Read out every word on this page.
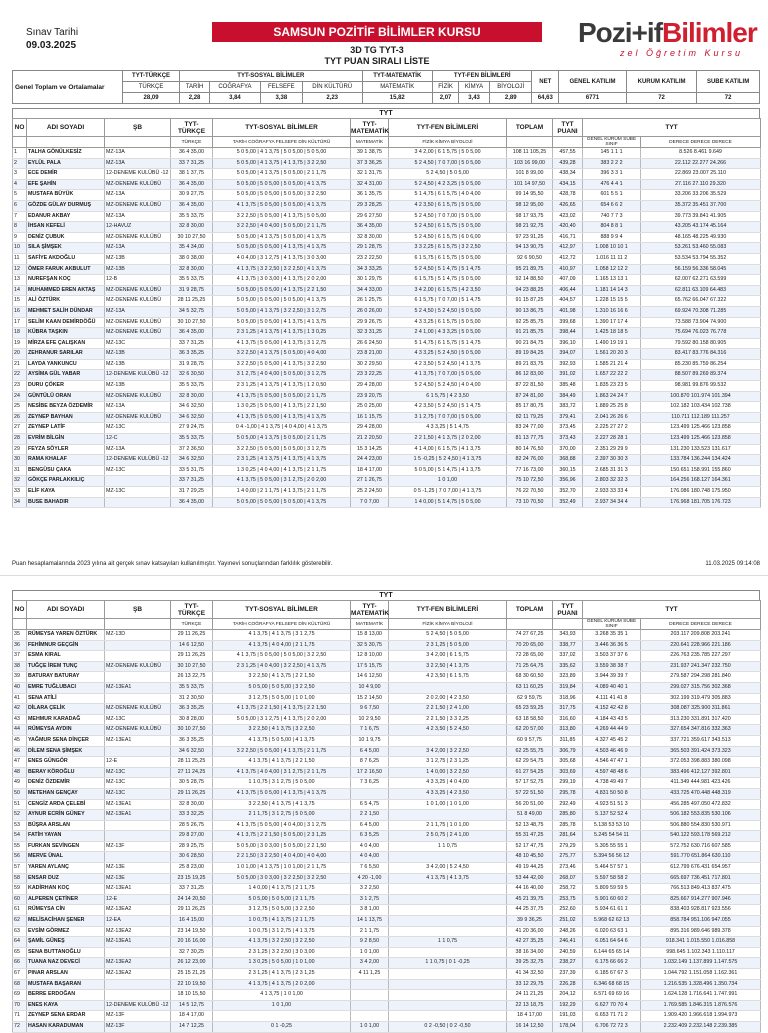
Sınav Tarihi
09.03.2025
SAMSUN POZİTİF BİLİMLER KURSU
3D TG TYT-3
TYT PUAN SIRALI LİSTE
Pozi+ifBilimler
zel Öğretim Kursu
Genel Toplam ve Ortalamalar	TYT-TÜRKÇE	TYT-SOSYAL BİLİMLER				TYT-MATEMATİK	TYT-FEN BİLİMLERİ			NET	GENEL KATILIM	KURUM KATILIM	SUBE KATILIM
	TÜRKÇE	TARİH	COĞRAFYA	FELSEFE	DİN KÜLTÜRÜ	MATEMATİK	FİZİK	KİMYA	BİYOLOJİ				
	28,09	2,28	3,84	3,38	2,23	15,82	2,07	3,43	2,89	64,63	6771	72	72
TYT
NO	ADI SOYADI	ŞB	TYT-TÜRKÇE	TYT-SOSYAL BİLİMLER	TYT-MATEMATİK	TYT-FEN BİLİMLERİ	TOPLAM	TYT PUANI	TYT	
			TÜRKÇE	TARİH COĞRAFYA FELSEFE DİN KÜLTÜRÜ	MATEMATİK	FİZİK KİMYA BİYOLOJİ			GENEL KURUM SUBE SINIF	DERECE DERECE DERECE
1	TALHA GÖNÜLKESİZ	MZ-13A	36 4 35,00	5 0 5,00 | 4 1 3,75 | 5 0 5,00 | 5 0 5,00	39 1 38,75	3 4 2,00 | 6 1 5,75 | 5 0 5,00	108 11 105,25	457,55	145 1 1 1	8.526 8.461 9.649
2	EYLÜL PALA	MZ-13A	33 7 31,25	5 0 5,00 | 4 1 3,75 | 4 1 3,75 | 3 2 2,50	37 3 36,25	5 2 4,50 | 7 0 7,00 | 5 0 5,00	103 16 99,00	439,28	383 2 2 2	22.112 22.277 24.266
3	ECE DEMİR	12-DENEME KULÜBÜ -12	38 1 37,75	5 0 5,00 | 4 1 3,75 | 5 0 5,00 | 2 1 1,75	32 1 31,75	5 2 4,50 | 5 0 5,00	101 8 99,00	438,34	396 3 3 1	22.869 23.007 25.110
4	EFE ŞAHİN	MZ-DENEME KULÜBÜ	36 4 35,00	5 0 5,00 | 5 0 5,00 | 5 0 5,00 | 4 1 3,75	32 4 31,00	5 2 4,50 | 4 2 3,25 | 5 0 5,00	101 14 97,50	434,15	476 4 4 1	27.116 27.110 29.320
5	MUSTAFA BÜYÜK	MZ-13A	30 9 27,75	5 0 5,00 | 5 0 5,00 | 5 0 5,00 | 3 2 2,50	36 1 35,75	5 1 4,75 | 6 1 5,75 | 4 0 4,00	99 14 95,50	428,78	601 5 5 1	33.206 33.206 35.529
6	GÖZDE GÜLAY DURMUŞ	MZ-DENEME KULÜBÜ	36 4 35,00	4 1 3,75 | 5 0 5,00 | 5 0 5,00 | 4 1 3,75	29 3 28,25	4 2 3,50 | 6 1 5,75 | 5 0 5,00	98 12 95,00	426,65	654 6 6 2	35.372 35.451 37.700
7	EDANUR AKBAY	MZ-13A	35 5 33,75	3 2 2,50 | 5 0 5,00 | 4 1 3,75 | 5 0 5,00	29 6 27,50	5 2 4,50 | 7 0 7,00 | 5 0 5,00	98 17 93,75	423,02	740 7 7 3	39.773 39.841 41.905
8	İHSAN KEFELİ	12-HAVUZ	32 8 30,00	3 2 2,50 | 4 0 4,00 | 5 0 5,00 | 2 1 1,75	36 4 35,00	5 2 4,50 | 6 1 5,75 | 5 0 5,00	98 21 92,75	420,40	804 8 8 1	43.205 43.174 45.164
9	DENİZ ÇUBUK	MZ-DENEME KULÜBÜ	30 10 27,50	5 0 5,00 | 4 1 3,75 | 5 0 5,00 | 4 1 3,75	32 8 30,00	5 2 4,50 | 6 1 5,75 | 6 0 6,00	97 23 91,25	416,71	888 9 9 4	48.165 48.225 49.930
10	SILA ŞİMŞEK	MZ-13A	35 4 34,00	5 0 5,00 | 5 0 5,00 | 4 1 3,75 | 4 1 3,75	29 1 28,75	3 3 2,25 | 6 1 5,75 | 3 2 2,50	94 13 90,75	412,97	1.008 10 10 1	53.261 53.460 55.083
11	SAFİYE AKDOĞLU	MZ-13B	38 0 38,00	4 0 4,00 | 3 1 2,75 | 4 1 3,75 | 3 0 3,00	23 2 22,50	6 1 5,75 | 6 1 5,75 | 5 0 5,00	92 6 90,50	412,72	1.016 11 11 2	53.534 53.794 55.352
12	ÖMER FARUK AKBULUT	MZ-13B	32 8 30,00	4 1 3,75 | 3 2 2,50 | 3 2 2,50 | 4 1 3,75	34 3 33,25	5 2 4,50 | 5 1 4,75 | 5 1 4,75	95 21 89,75	410,97	1.058 12 12 2	56.159 56.336 58.045
13	NUREFŞAN KOÇ	12-B	35 5 33,75	4 1 3,75 | 3 0 3,00 | 4 1 3,75 | 2 0 2,00	30 1 29,75	6 1 5,75 | 5 1 4,75 | 5 0 5,00	92 14 88,50	407,09	1.165 13 13 1	62.007 62.271 63.599
14	MUHAMMED EREN AKTAŞ	MZ-DENEME KULÜBÜ	31 9 28,75	5 0 5,00 | 5 0 5,00 | 4 1 3,75 | 2 2 1,50	34 4 33,00	3 4 2,00 | 6 1 5,75 | 4 2 3,50	94 23 88,25	406,44	1.181 14 14 3	62.811 63.109 64.483
15	ALİ ÖZTÜRK	MZ-DENEME KULÜBÜ	28 11 25,25	5 0 5,00 | 5 0 5,00 | 5 0 5,00 | 4 1 3,75	26 1 25,75	6 1 5,75 | 7 0 7,00 | 5 1 4,75	91 15 87,25	404,57	1.228 15 15 5	65.762 66.047 67.322
16	MEHMET SALİH DÜNDAR	MZ-13A	34 5 32,75	5 0 5,00 | 4 1 3,75 | 3 2 2,50 | 3 1 2,75	26 0 26,00	5 2 4,50 | 5 2 4,50 | 5 0 5,00	90 13 86,75	401,98	1.310 16 16 6	69.924 70.308 71.285
17	SELİM KAAN DEMİRDÖĞÜ	MZ-DENEME KULÜBÜ	30 10 27,50	5 0 5,00 | 5 0 5,00 | 4 1 3,75 | 4 1 3,75	29 9 26,75	4 3 3,25 | 6 1 5,75 | 5 0 5,00	92 25 85,75	399,68	1.390 17 17 4	73.588 73.904 74.900
18	KÜBRA TAŞKIN	MZ-DENEME KULÜBÜ	36 4 35,00	2 3 1,25 | 4 1 3,75 | 4 1 3,75 | 1 3 0,25	32 3 31,25	2 4 1,00 | 4 3 3,25 | 5 0 5,00	91 21 85,75	398,44	1.425 18 18 5	75.694 76.023 76.778
19	MİRZA EFE ÇALIŞKAN	MZ-13C	33 7 31,25	4 1 3,75 | 5 0 5,00 | 4 1 3,75 | 3 1 2,75	26 6 24,50	5 1 4,75 | 6 1 5,75 | 5 1 4,75	90 21 84,75	396,10	1.490 19 19 1	79.592 80.158 80.905
20	ZEHRANUR SARILAR	MZ-13B	36 3 35,25	3 2 2,50 | 4 1 3,75 | 5 0 5,00 | 4 0 4,00	23 8 21,00	4 3 3,25 | 5 2 4,50 | 5 0 5,00	89 19 84,25	394,07	1.561 20 20 3	83.417 83.776 84.316
21	LAYDA YANKUNCU	MZ-13B	31 9 28,75	3 2 2,50 | 5 0 5,00 | 4 1 3,75 | 3 2 2,50	30 2 29,50	4 2 3,50 | 5 2 4,50 | 4 1 3,75	89 21 83,75	392,93	1.585 21 21 4	85.230 85.759 86.254
22	AYSİMA GÜL YABAR	12-DENEME KULÜBÜ -12	32 6 30,50	3 1 2,75 | 4 0 4,00 | 5 0 5,00 | 3 1 2,75	23 3 22,25	4 1 3,75 | 7 0 7,00 | 5 0 5,00	86 12 83,00	391,02	1.657 22 22 2	88.507 89.269 89.374
23	DURU ÇÖKER	MZ-13B	35 5 33,75	2 3 1,25 | 4 1 3,75 | 4 1 3,75 | 1 2 0,50	29 4 28,00	5 2 4,50 | 5 2 4,50 | 4 0 4,00	87 22 81,50	385,48	1.835 23 23 5	98.981 99.876 99.532
24	GÜNTÜLÜ ORAN	MZ-DENEME KULÜBÜ	32 8 30,00	4 1 3,75 | 5 0 5,00 | 5 0 5,00 | 2 1 1,75	23 9 20,75	6 1 5,75 | 4 2 3,50	87 24 81,00	384,49	1.863 24 24 7	100.870 101.974 101.394
25	NESİBE BEYZA ÖZDEMİR	MZ-13A	34 6 32,50	1 3 0,25 | 5 0 5,00 | 4 1 3,75 | 2 2 1,50	25 0 25,00	4 2 3,50 | 5 2 4,50 | 5 1 4,75	85 17 80,75	383,72	1.889 25 25 8	102.182 103.434 102.738
26	ZEYNEP BAYHAN	MZ-DENEME KULÜBÜ	34 6 32,50	4 1 3,75 | 5 0 5,00 | 4 1 3,75 | 4 1 3,75	16 1 15,75	3 1 2,75 | 7 0 7,00 | 5 0 5,00	82 11 79,25	379,41	2.041 26 26 6	110.711 112.189 111.257
27	ZEYNEP LATİF	MZ-13C	27 9 24,75	0 4 -1,00 | 4 1 3,75 | 4 0 4,00 | 4 1 3,75	29 4 28,00	4 3 3,25 | 5 1 4,75	83 24 77,00	373,45	2.225 27 27 2	123.499 125.466 123.858
28	EVRİM BİLGİN	12-C	35 5 33,75	5 0 5,00 | 4 1 3,75 | 5 0 5,00 | 2 1 1,75	21 2 20,50	2 2 1,50 | 4 1 3,75 | 2 0 2,00	81 13 77,75	373,43	2.227 28 28 1	123.499 125.466 123.858
29	FEYZA SÖYLER	MZ-13A	37 2 36,50	3 2 2,50 | 5 0 5,00 | 5 0 5,00 | 3 1 2,75	15 3 14,25	4 1 4,00 | 6 1 5,75 | 4 1 3,75	80 14 76,50	370,00	2.351 29 29 9	131.230 133.523 131.617
30	RAMA KHALAF	12-DENEME KULÜBÜ -12	34 6 32,50	2 3 1,25 | 4 1 3,75 | 4 1 3,75 | 4 1 3,75	24 4 23,00	1 5 -0,25 | 5 2 4,50 | 4 1 3,75	82 24 76,00	368,88	2.397 30 30 3	133.784 136.244 134.424
31	BENGÜSU ÇAKA	MZ-13C	33 5 31,75	1 3 0,25 | 4 0 4,00 | 4 1 3,75 | 2 1 1,75	18 4 17,00	5 0 5,00 | 5 1 4,75 | 4 1 3,75	77 16 73,00	360,15	2.685 31 31 3	150.651 158.991 155.860
32	GÖKÇE PARLAKKILIÇ		33 7 31,25	4 1 3,75 | 5 0 5,00 | 3 1 2,75 | 2 0 2,00	27 1 26,75	1 0 1,00	75 10 72,50	356,96	2.803 32 32 3	164.256 168.127 164.361
33	ELİF KAYA	MZ-13C	31 7 29,25	1 4 0,00 | 2 1 1,75 | 4 1 3,75 | 2 1 1,75	25 2 24,50	0 5 -1,25 | 7 0 7,00 | 4 1 3,75	76 22 70,50	352,70	2.933 33 33 4	176.086 180.748 175.950
34	BUSE BAHADIR		36 4 35,00	5 0 5,00 | 5 0 5,00 | 5 0 5,00 | 4 1 3,75	7 0 7,00	1 4 0,00 | 5 1 4,75 | 5 0 5,00	73 10 70,50	352,49	2.937 34 34 4	176.968 181.705 176.723
Puan hesaplamalarında 2023 yılına ait gerçek sınav katsayıları kullanılmıştır. Yayınevi sonuçlarından farklılık gösterebilir.	11.03.2025 09:14:08
TYT
NO	ADI SOYADI	ŞB	TYT-TÜRKÇE	TYT-SOSYAL BİLİMLER	TYT-MATEMATİK	TYT-FEN BİLİMLERİ	TOPLAM	TYT PUANI	TYT	
			TÜRKÇE	TARİH COĞRAFYA FELSEFE DİN KÜLTÜRÜ	MATEMATİK	FİZİK KİMYA BİYOLOJİ			GENEL KURUM SUBE SINIF	DERECE DERECE DERECE
35	RÜMEYSA YAREN ÖZTÜRK	MZ-13D	29 11 26,25	4 1 3,75 | 4 1 3,75 | 3 1 2,75	15 8 13,00	5 2 4,50 | 5 0 5,00	74 27 67,25	343,93	3.268 35 35 1	203.117 209.808 203.241
36	FEHİMNUR GEÇGİN		14 6 12,50	4 1 3,75 | 4 0 4,00 | 2 1 1,75	32 5 30,75	2 3 1,25 | 5 0 5,00	70 20 65,00	338,77	3.446 36 36 5	220.641 228.966 221.186
37	ESMA KIRAL		29 11 26,25	4 1 3,75 | 5 0 5,00 | 5 0 5,00 | 3 2 2,50	12 8 10,00	3 4 2,00 | 6 1 5,75	72 28 65,00	337,02	3.503 37 37 6	226.763 235.785 227.297
38	TUĞÇE İREM TUNÇ	MZ-DENEME KULÜBÜ	30 10 27,50	2 3 1,25 | 4 0 4,00 | 3 2 2,50 | 4 1 3,75	17 5 15,75	3 2 2,50 | 4 1 3,75	71 25 64,75	335,62	3.559 38 38 7	231.937 241.347 232.750
39	BATURAY BATURAY		26 13 22,75	3 2 2,50 | 4 1 3,75 | 2 2 1,50	14 6 12,50	4 2 3,50 | 6 1 5,75	68 30 60,50	323,89	3.944 39 39 7	279.587 294.298 281.840
40	EMRE TUĞLUBACI	MZ-13EA1	35 5 33,75	5 0 5,00 | 5 0 5,00 | 3 2 2,50	10 4 9,00		63 11 60,25	319,84	4.089 40 40 1	299.027 315.756 302.368
41	SENA ATİLİ		31 2 30,50	3 1 2,75 | 5 0 5,00 | 1 0 1,00	15 2 14,50	2 0 2,00 | 4 2 3,50	62 9 59,75	318,96	4.111 41 41 8	302.199 319.479 305.883
42	DİLARA ÇELİK	MZ-DENEME KULÜBÜ	36 3 35,25	4 1 3,75 | 2 2 1,50 | 4 1 3,75 | 2 2 1,50	9 6 7,50	2 2 1,50 | 2 4 1,00	65 23 59,25	317,75	4.152 42 42 8	308.087 325.900 311.861
43	MEHMUR KARADAĞ	MZ-13C	30 8 28,00	5 0 5,00 | 3 1 2,75 | 4 1 3,75 | 2 0 2,00	10 2 9,50	2 2 1,50 | 3 3 2,25	63 18 58,50	316,60	4.184 43 43 5	313.230 331.891 317.420
44	RÜMEYSA AYDIN	MZ-DENEME KULÜBÜ	30 10 27,50	3 2 2,50 | 4 1 3,75 | 3 2 2,50	7 1 6,75	4 2 3,50 | 5 2 4,50	62 20 57,00	313,80	4.269 44 44 9	327.654 347.816 332.363
45	YAĞMUR SENA DİNÇER	MZ-13EA1	36 3 35,25	4 1 3,75 | 5 0 5,00 | 4 1 3,75	10 1 9,75		60 9 57,75	311,85	4.327 45 45 2	337.721 359.617 343.513
46	DİLEM SENA ŞİMŞEK		34 6 32,50	3 2 2,50 | 5 0 5,00 | 4 1 3,75 | 2 1 1,75	6 4 5,00	3 4 2,00 | 3 2 2,50	62 25 55,75	306,79	4.503 46 46 9	365.503 391.424 373.323
47	ENES GÜNGÖR	12-E	28 11 25,25	4 1 3,75 | 4 1 3,75 | 2 2 1,50	8 7 6,25	3 1 2,75 | 2 3 1,25	62 29 54,75	305,68	4.546 47 47 1	372.053 398.883 380.098
48	BERAY KÖROĞLU	MZ-13C	27 11 24,25	4 1 3,75 | 4 0 4,00 | 3 1 2,75 | 2 1 1,75	17 2 16,50	1 4 0,00 | 3 2 2,50	61 27 54,25	303,69	4.597 48 48 6	383.496 412.127 392.801
49	DENİZ ÖZDEMİR	MZ-13C	30 5 28,75	1 1 0,75 | 3 1 2,75 | 5 0 5,00	7 3 6,25	4 3 3,25 | 4 0 4,00	57 17 52,75	299,19	4.738 49 49 7	411.349 444.981 423.426
50	METEHAN GENÇAY	MZ-13C	29 11 26,25	4 1 3,75 | 5 0 5,00 | 4 1 3,75 | 4 1 3,75		4 3 3,25 | 4 2 3,50	57 22 51,50	295,78	4.831 50 50 8	433.725 470.448 448.319
51	CENGİZ ARDA ÇELEBİ	MZ-13EA1	32 8 30,00	3 2 2,50 | 4 1 3,75 | 4 1 3,75	6 5 4,75	1 0 1,00 | 1 0 1,00	56 20 51,00	292,49	4.923 51 51 3	456.285 497.050 472.832
52	AYNUR ECRİN GÜNEY	MZ-13EA1	33 3 32,25	2 1 1,75 | 3 1 2,75 | 5 0 5,00	2 2 1,50		51 8 49,00	285,80	5.137 52 52 4	506.182 553.835 530.106
53	BÜŞRA ARSLAN		28 5 26,75	4 1 3,75 | 5 0 5,00 | 4 0 4,00 | 3 1 2,75	6 4 5,00	2 1 1,75 | 1 0 1,00	52 13 48,75	285,78	5.138 53 53 10	506.880 554.830 530.971
54	FATİH YAYAN		29 8 27,00	4 1 3,75 | 2 2 1,50 | 5 0 5,00 | 2 3 1,25	6 3 5,25	2 5 0,75 | 2 4 1,00	55 31 47,25	281,64	5.245 54 54 11	540.122 593.178 569.212
55	FURKAN SEVİNGEN	MZ-13F	28 9 25,75	5 0 5,00 | 3 0 3,00 | 5 0 5,00 | 2 2 1,50	4 0 4,00	1 1 0,75	52 17 47,75	279,29	5.305 55 55 1	572.752 630.716 607.585
56	MERVE ÜNAL		30 6 28,50	2 2 1,50 | 3 2 2,50 | 4 0 4,00 | 4 0 4,00	4 0 4,00		48 10 45,50	275,77	5.394 56 56 12	591.770 651.864 630.110
57	YAREN AYLANÇ	MZ-13E	25 8 23,00	1 0 1,00 | 4 1 3,75 | 1 0 1,00 | 2 1 1,75	7 6 5,50	3 4 2,00 | 5 2 4,50	49 19 44,25	273,46	5.464 57 57 1	612.799 676.431 654.957
58	ENSAR DUZ	MZ-13E	23 15 19,25	5 0 5,00 | 3 0 3,00 | 3 2 2,50 | 3 2 2,50	4 20 -1,00	4 1 3,75 | 4 1 3,75	53 44 42,00	268,07	5.597 58 58 2	665.697 736.451 717.801
59	KADİRHAN KOÇ	MZ-13EA1	33 7 31,25	1 4 0,00 | 4 1 3,75 | 2 1 1,75	3 2 2,50		44 16 40,00	258,72	5.809 59 59 5	766.513 849.413 837.475
60	ALPEREN ÇETİNER	12-E	24 14 20,50	5 0 5,00 | 5 0 5,00 | 2 1 1,75	3 1 2,75		45 21 39,75	253,75	5.901 60 60 2	825.667 914.277 907.946
61	RÜMEYSA CİN	MZ-13EA2	29 11 26,25	3 1 2,75 | 5 0 5,00 | 3 2 2,50	3 8 1,00		44 25 37,75	252,60	5.934 61 61 1	838.403 928.817 923.556
62	MELİSACİHAN ŞENER	12-EA	16 4 15,00	1 0 0,75 | 4 1 3,75 | 2 1 1,75	14 1 13,75		39 9 36,25	251,02	5.968 62 62 13	858.784 951.106 947.055
63	EVSİM GÖRMEZ	MZ-13EA2	23 14 19,50	1 0 0,75 | 3 1 2,75 | 4 1 3,75	2 1 1,75		41 20 36,00	248,26	6.020 63 63 1	895.316 989.646 989.378
64	ŞAMİL GÜNEŞ	MZ-13EA1	20 16 16,00	4 1 3,75 | 3 2 2,50 | 3 2 2,50	9 2 8,50	1 1 0,75	42 27 35,25	246,41	6.051 64 64 6	918.341 1.015.550 1.016.858
65	SENA BUTTANOĞLU		32 7 30,25	2 3 1,25 | 3 2 2,50 | 3 0 3,00	1 0 1,00		38 16 34,00	240,59	6.144 65 65 14	998.645 1.102.343 1.110.117
66	TUANA NAZ DEVECİ	MZ-13EA2	26 12 23,00	1 3 0,25 | 5 0 5,00 | 1 0 1,00	3 4 2,00	1 1 0,75 | 0 1 -0,25	39 25 32,75	238,27	6.175 66 66 2	1.032.149 1.137.899 1.147.575
67	PINAR ARSLAN	MZ-13EA2	25 15 21,25	2 3 1,25 | 4 1 3,75 | 2 3 1,25	4 11 1,25		41 34 32,50	237,39	6.185 67 67 3	1.044.792 1.151.058 1.162.361
68	MUSTAFA BAŞARAN		22 10 19,50	4 1 3,75 | 4 1 3,75 | 2 0 2,00			33 12 29,75	226,28	6.346 68 68 15	1.216.535 1.328.496 1.350.734
69	BERRE ERDOĞAN		18 10 15,50	4 1 3,75 | 1 0 1,00			24 11 21,25	204,12	6.571 69 69 16	1.624.128 1.716.641 1.747.991
70	ENES KAYA	12-DENEME KULÜBÜ -12	14 5 12,75	1 0 1,00			22 13 18,75	192,29	6.627 70 70 4	1.769.585 1.846.315 1.876.576
71	ZEYNEP SENA ERDAR	MZ-13F	18 4 17,00				18 4 17,00	191,03	6.653 71 71 2	1.909.420 1.966.618 1.994.973
72	HASAN KARADUMAN	MZ-13F	14 7 12,25	0 1 -0,25	1 0 1,00	0 2 -0,50 | 0 2 -0,50	16 14 12,50	178,04	6.706 72 72 3	2.232.409 2.232.148 2.239.385
